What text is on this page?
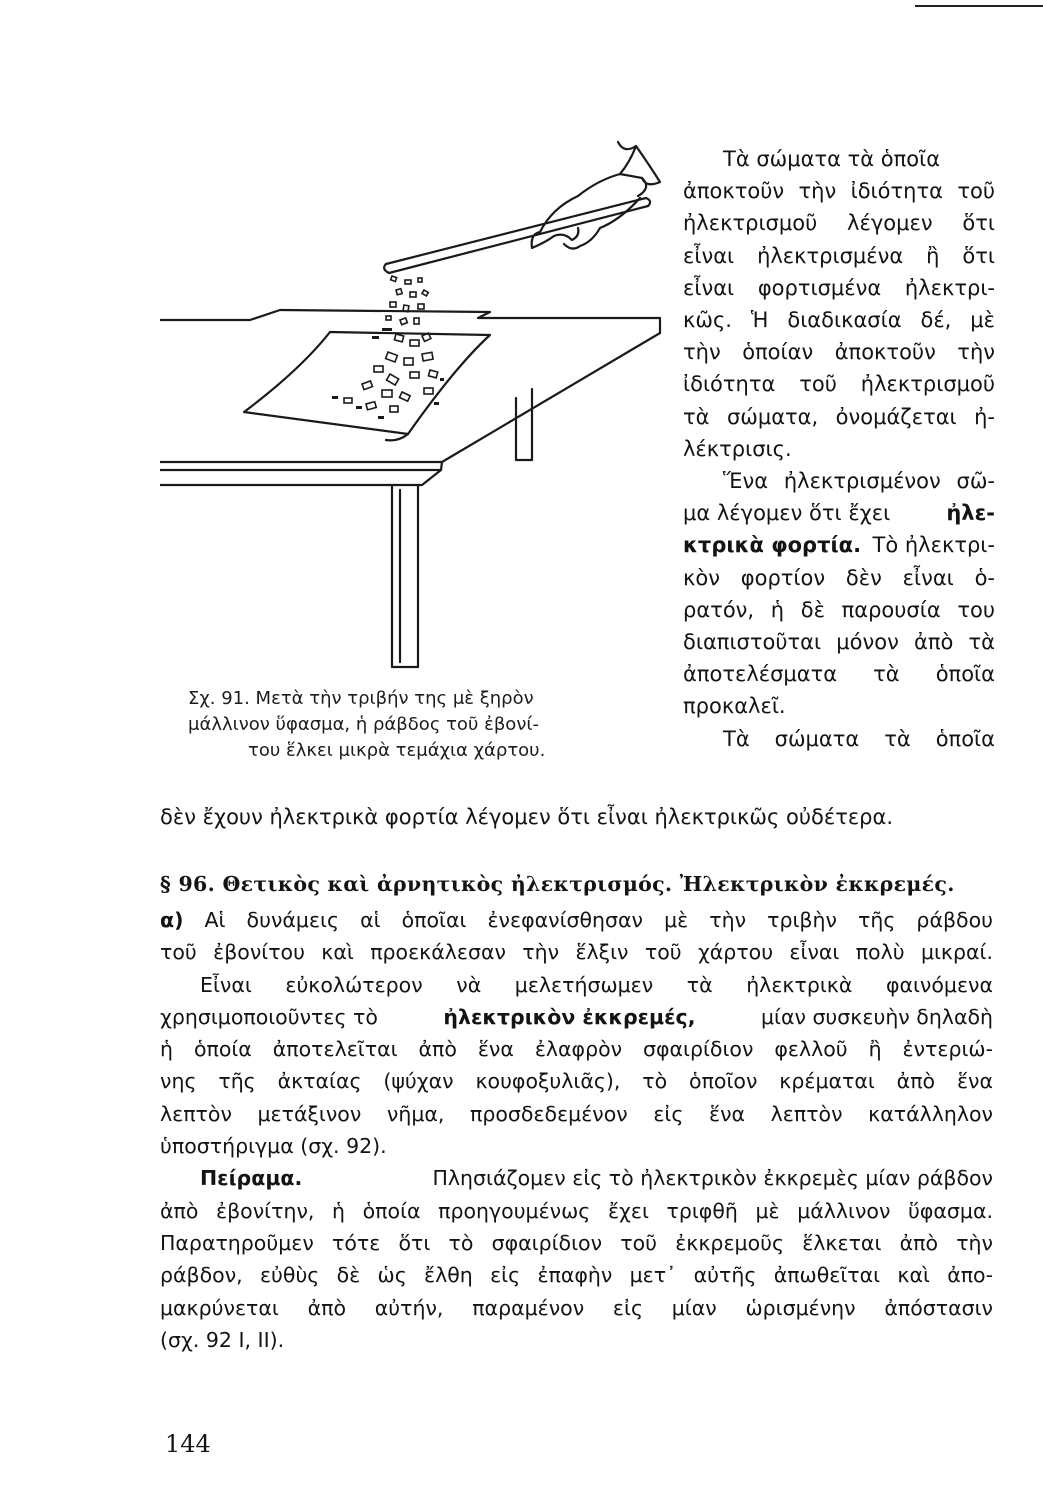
Σχ. 91. Μετὰ τὴν τριβήν της μὲ ξηρὸν
μάλλινον ὕφασμα, ἡ ράβδος τοῦ ἐβονί-
του ἕλκει μικρὰ τεμάχια χάρτου.
Τὰ σώματα τὰ ὁποῖα
ἀποκτοῦν τὴν ἰδιότητα τοῦ
ἠλεκτρισμοῦ λέγομεν ὅτι
εἶναι ἠλεκτρισμένα ἢ ὅτι
εἶναι φορτισμένα ἠλεκτρι-
κῶς. Ἡ διαδικασία δέ, μὲ
τὴν ὁποίαν ἀποκτοῦν τὴν
ἰδιότητα τοῦ ἠλεκτρισμοῦ
τὰ σώματα, ὀνομάζεται ἠ-
λέκτρισις.
Ἕνα ἠλεκτρισμένον σῶ-
μα λέγομεν ὅτι ἔχει	ἠλε-
κτρικὰ φορτία. Τὸ ἠλεκτρι-
κὸν φορτίον δὲν εἶναι ὁ-
ρατόν, ἡ δὲ παρουσία του
διαπιστοῦται μόνον ἀπὸ τὰ
ἀποτελέσματα τὰ ὁποῖα
προκαλεῖ.
Τὰ σώματα τὰ ὁποῖα
δὲν ἔχουν ἠλεκτρικὰ φορτία λέγομεν ὅτι εἶναι ἠλεκτρικῶς οὐδέτερα.
§ 96. Θετικὸς καὶ ἀρνητικὸς ἠλεκτρισμός. Ἠλεκτρικὸν ἐκκρεμές.
α) Αἱ δυνάμεις αἱ ὁποῖαι ἐνεφανίσθησαν μὲ τὴν τριβὴν τῆς ράβδου
τοῦ ἐβονίτου καὶ προεκάλεσαν τὴν ἕλξιν τοῦ χάρτου εἶναι πολὺ μικραί.
Εἶναι εὐκολώτερον νὰ μελετήσωμεν τὰ ἠλεκτρικὰ φαινόμενα
χρησιμοποιοῦντες τὸ	ἠλεκτρικὸν ἐκκρεμές,	μίαν συσκευὴν δηλαδὴ
ἡ ὁποία ἀποτελεῖται ἀπὸ ἕνα ἐλαφρὸν σφαιρίδιον φελλοῦ ἢ ἐντεριώ-
νης τῆς ἀκταίας (ψύχαν κουφοξυλιᾶς), τὸ ὁποῖον κρέμαται ἀπὸ ἕνα
λεπτὸν μετάξινον νῆμα, προσδεδεμένον εἰς ἕνα λεπτὸν κατάλληλον
ὑποστήριγμα (σχ. 92).
Πείραμα.	Πλησιάζομεν εἰς τὸ ἠλεκτρικὸν ἐκκρεμὲς μίαν ράβδον
ἀπὸ ἐβονίτην, ἡ ὁποία προηγουμένως ἔχει τριφθῆ μὲ μάλλινον ὕφασμα.
Παρατηροῦμεν τότε ὅτι τὸ σφαιρίδιον τοῦ ἐκκρεμοῦς ἕλκεται ἀπὸ τὴν
ράβδον, εὐθὺς δὲ ὡς ἔλθη εἰς ἐπαφὴν μετ᾽ αὐτῆς ἀπωθεῖται καὶ ἀπο-
μακρύνεται ἀπὸ αὐτήν, παραμένον εἰς μίαν ὡρισμένην ἀπόστασιν
(σχ. 92 I, II).
144
